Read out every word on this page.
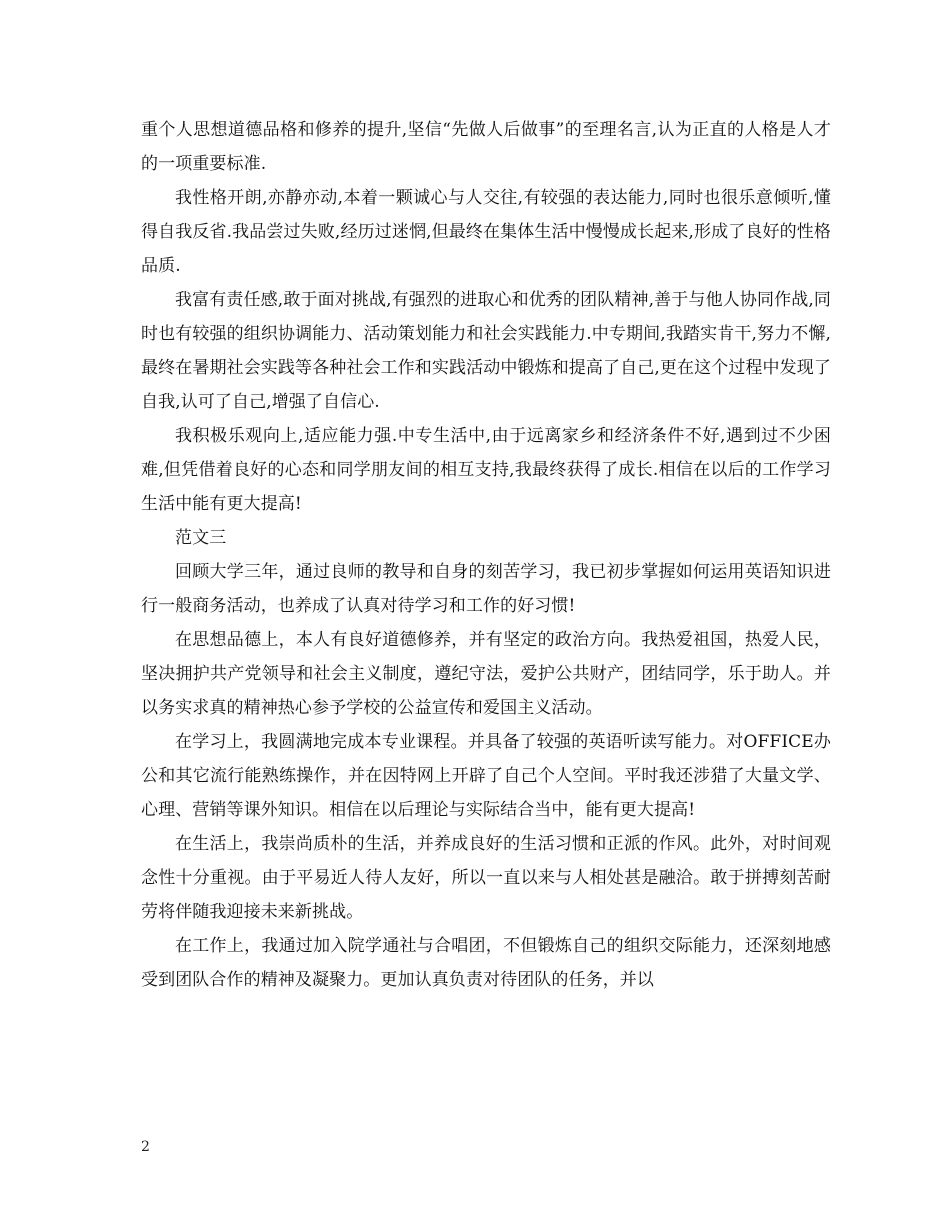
重个人思想道德品格和修养的提升,坚信“先做人后做事”的至理名言,认为正直的人格是人才的一项重要标准.

我性格开朗,亦静亦动,本着一颗诚心与人交往,有较强的表达能力,同时也很乐意倾听,懂得自我反省.我品尝过失败,经历过迷惘,但最终在集体生活中慢慢成长起来,形成了良好的性格品质.

我富有责任感,敢于面对挑战,有强烈的进取心和优秀的团队精神,善于与他人协同作战,同时也有较强的组织协调能力、活动策划能力和社会实践能力.中专期间,我踏实肯干,努力不懈,最终在暑期社会实践等各种社会工作和实践活动中锻炼和提高了自己,更在这个过程中发现了自我,认可了自己,增强了自信心.

我积极乐观向上,适应能力强.中专生活中,由于远离家乡和经济条件不好,遇到过不少困难,但凭借着良好的心态和同学朋友间的相互支持,我最终获得了成长.相信在以后的工作学习生活中能有更大提高!

范文三

回顾大学三年，通过良师的教导和自身的刻苦学习，我已初步掌握如何运用英语知识进行一般商务活动，也养成了认真对待学习和工作的好习惯!

在思想品德上，本人有良好道德修养，并有坚定的政治方向。我热爱祖国，热爱人民，坚决拥护共产党领导和社会主义制度，遵纪守法，爱护公共财产，团结同学，乐于助人。并以务实求真的精神热心参予学校的公益宣传和爱国主义活动。

在学习上，我圆满地完成本专业课程。并具备了较强的英语听读写能力。对OFFICE办公和其它流行能熟练操作，并在因特网上开辟了自己个人空间。平时我还涉猎了大量文学、心理、营销等课外知识。相信在以后理论与实际结合当中，能有更大提高!

在生活上，我崇尚质朴的生活，并养成良好的生活习惯和正派的作风。此外，对时间观念性十分重视。由于平易近人待人友好，所以一直以来与人相处甚是融洽。敢于拼搏刻苦耐劳将伴随我迎接未来新挑战。

在工作上，我通过加入院学通社与合唱团，不但锻炼自己的组织交际能力，还深刻地感受到团队合作的精神及凝聚力。更加认真负责对待团队的任务，并以

2
